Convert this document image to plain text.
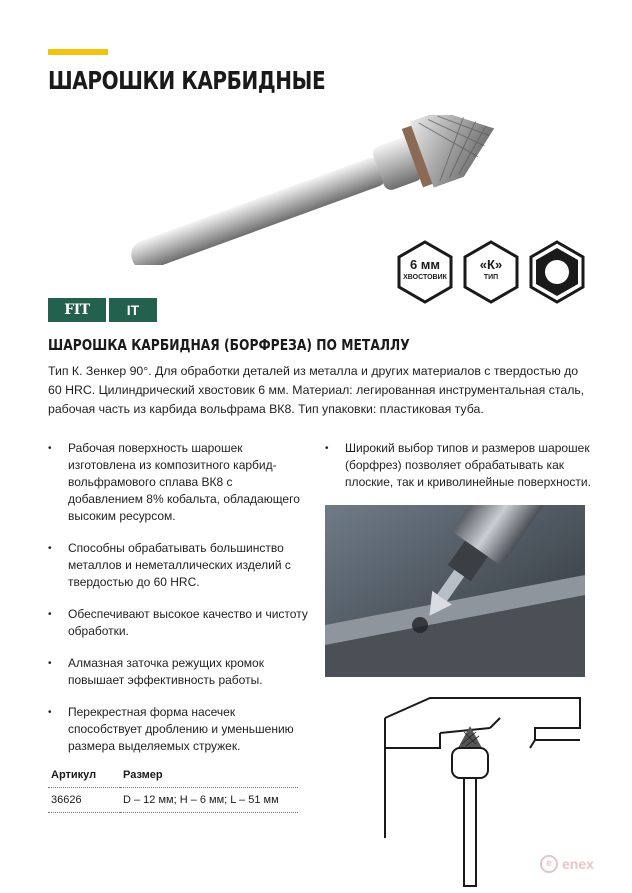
ШАРОШКИ КАРБИДНЫЕ
6 мм
ХВОСТОВИК
«К»
ТИП
FIT	IT
ШАРОШКА КАРБИДНАЯ (БОРФРЕЗА) ПО МЕТАЛЛУ

Тип К. Зенкер 90°. Для обработки деталей из металла и других материалов с твердостью до 60 HRC. Цилиндрический хвостовик 6 мм. Материал: легированная инструментальная сталь, рабочая часть из карбида вольфрама ВК8. Тип упаковки: пластиковая туба.

• Рабочая поверхность шарошек изготовлена из композитного карбид-вольфрамового сплава ВК8 с добавлением 8% кобальта, обладающего высоким ресурсом.
• Способны обрабатывать большинство металлов и неметаллических изделий с твердостью до 60 HRC.
• Обеспечивают высокое качество и чистоту обработки.
• Алмазная заточка режущих кромок повышает эффективность работы.
• Перекрестная форма насечек способствует дроблению и уменьшению размера выделяемых стружек.
• Широкий выбор типов и размеров шарошек (борфрез) позволяет обрабатывать как плоские, так и криволинейные поверхности.
Артикул	Размер
36626	D – 12 мм; H – 6 мм; L – 51 мм
e enex
